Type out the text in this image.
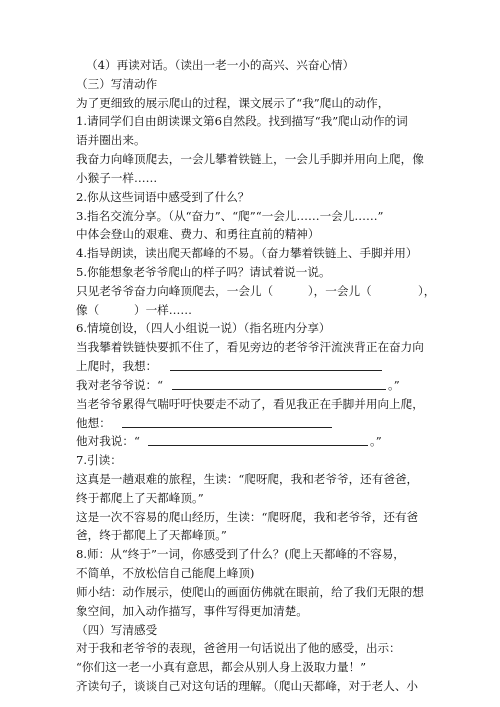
（4）再读对话。（读出一老一小的高兴、兴奋心情）
（三）写清动作
为了更细致的展示爬山的过程，课文展示了“我”爬山的动作，
1.请同学们自由朗读课文第6自然段。找到描写“我”爬山动作的词
语并圈出来。
我奋力向峰顶爬去，一会儿攀着铁链上，一会儿手脚并用向上爬，像
小猴子一样……
2.你从这些词语中感受到了什么？
3.指名交流分享。（从“奋力”、“爬”“一会儿……一会儿……”
中体会登山的艰难、费力、和勇往直前的精神）
4.指导朗读，读出爬天都峰的不易。（奋力攀着铁链上、手脚并用）
5.你能想象老爷爷爬山的样子吗？请试着说一说。
只见老爷爷奋力向峰顶爬去，一会儿（　　　），一会儿（　　　　），
像（　　　）一样……
6.情境创设，（四人小组说一说）（指名班内分享）
当我攀着铁链快要抓不住了，看见旁边的老爷爷汗流浃背正在奋力向
上爬时，我想：
我对老爷爷说：“	。”
当老爷爷累得气喘吁吁快要走不动了，看见我正在手脚并用向上爬，
他想：
他对我说：“	。”
7.引读：
这真是一趟艰难的旅程，生读：“爬呀爬，我和老爷爷，还有爸爸，
终于都爬上了天都峰顶。”
这是一次不容易的爬山经历，生读：“爬呀爬，我和老爷爷，还有爸
爸，终于都爬上了天都峰顶。”
8.师：从“终于”一词，你感受到了什么？(爬上天都峰的不容易，
不简单，不放松信自己能爬上峰顶)
师小结：动作展示，使爬山的画面仿佛就在眼前，给了我们无限的想
象空间，加入动作描写，事件写得更加清楚。
（四）写清感受
对于我和老爷爷的表现，爸爸用一句话说出了他的感受，出示：
“你们这一老一小真有意思，都会从别人身上汲取力量！”
齐读句子，谈谈自己对这句话的理解。（爬山天都峰，对于老人、小
